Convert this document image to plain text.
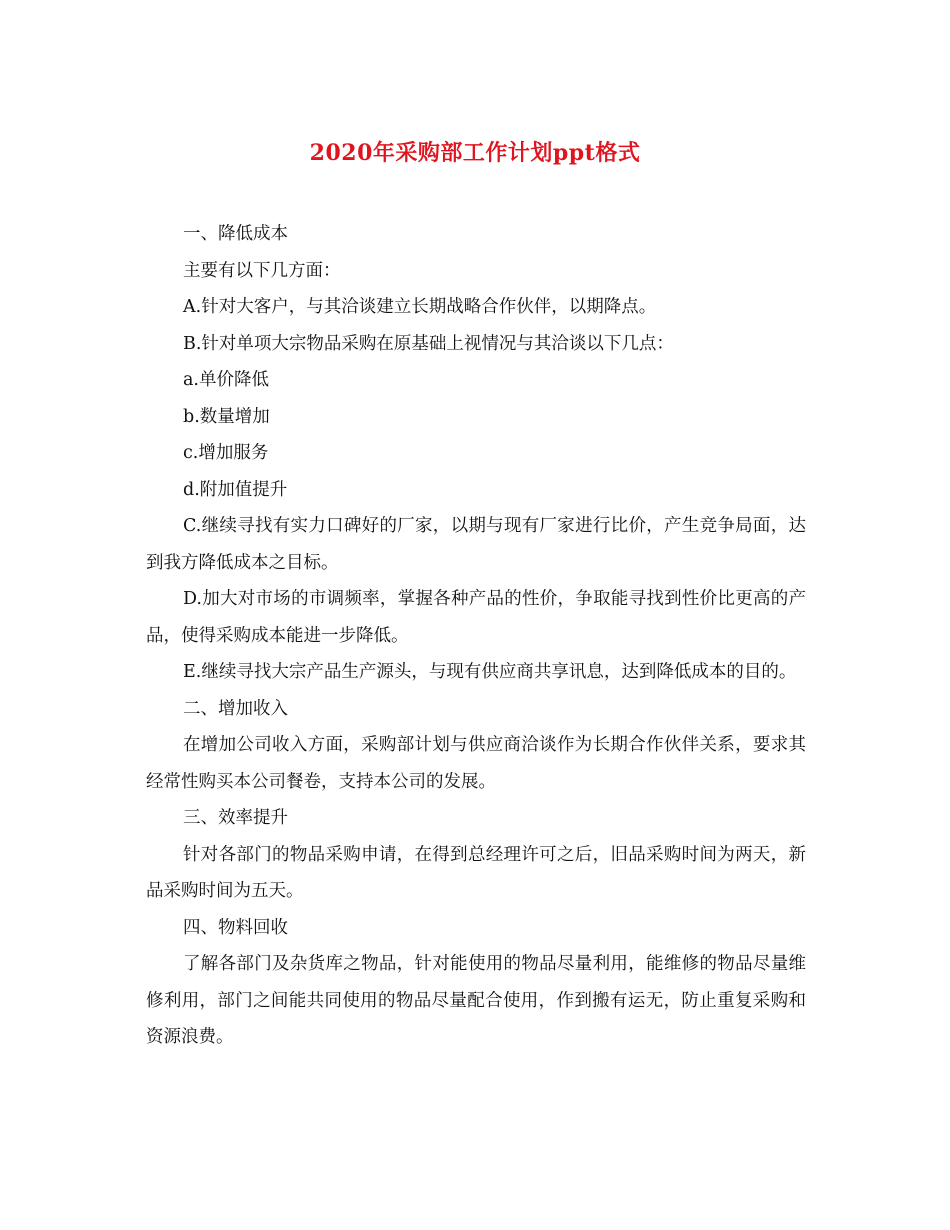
2020年采购部工作计划ppt格式

一、降低成本

主要有以下几方面：

A.针对大客户，与其洽谈建立长期战略合作伙伴，以期降点。

B.针对单项大宗物品采购在原基础上视情况与其洽谈以下几点：

a.单价降低

b.数量增加

c.增加服务

d.附加值提升

C.继续寻找有实力口碑好的厂家，以期与现有厂家进行比价，产生竞争局面，达到我方降低成本之目标。

D.加大对市场的市调频率，掌握各种产品的性价，争取能寻找到性价比更高的产品，使得采购成本能进一步降低。

E.继续寻找大宗产品生产源头，与现有供应商共享讯息，达到降低成本的目的。

二、增加收入

在增加公司收入方面，采购部计划与供应商洽谈作为长期合作伙伴关系，要求其经常性购买本公司餐卷，支持本公司的发展。

三、效率提升

针对各部门的物品采购申请，在得到总经理许可之后，旧品采购时间为两天，新品采购时间为五天。

四、物料回收

了解各部门及杂货库之物品，针对能使用的物品尽量利用，能维修的物品尽量维修利用，部门之间能共同使用的物品尽量配合使用，作到搬有运无，防止重复采购和资源浪费。
